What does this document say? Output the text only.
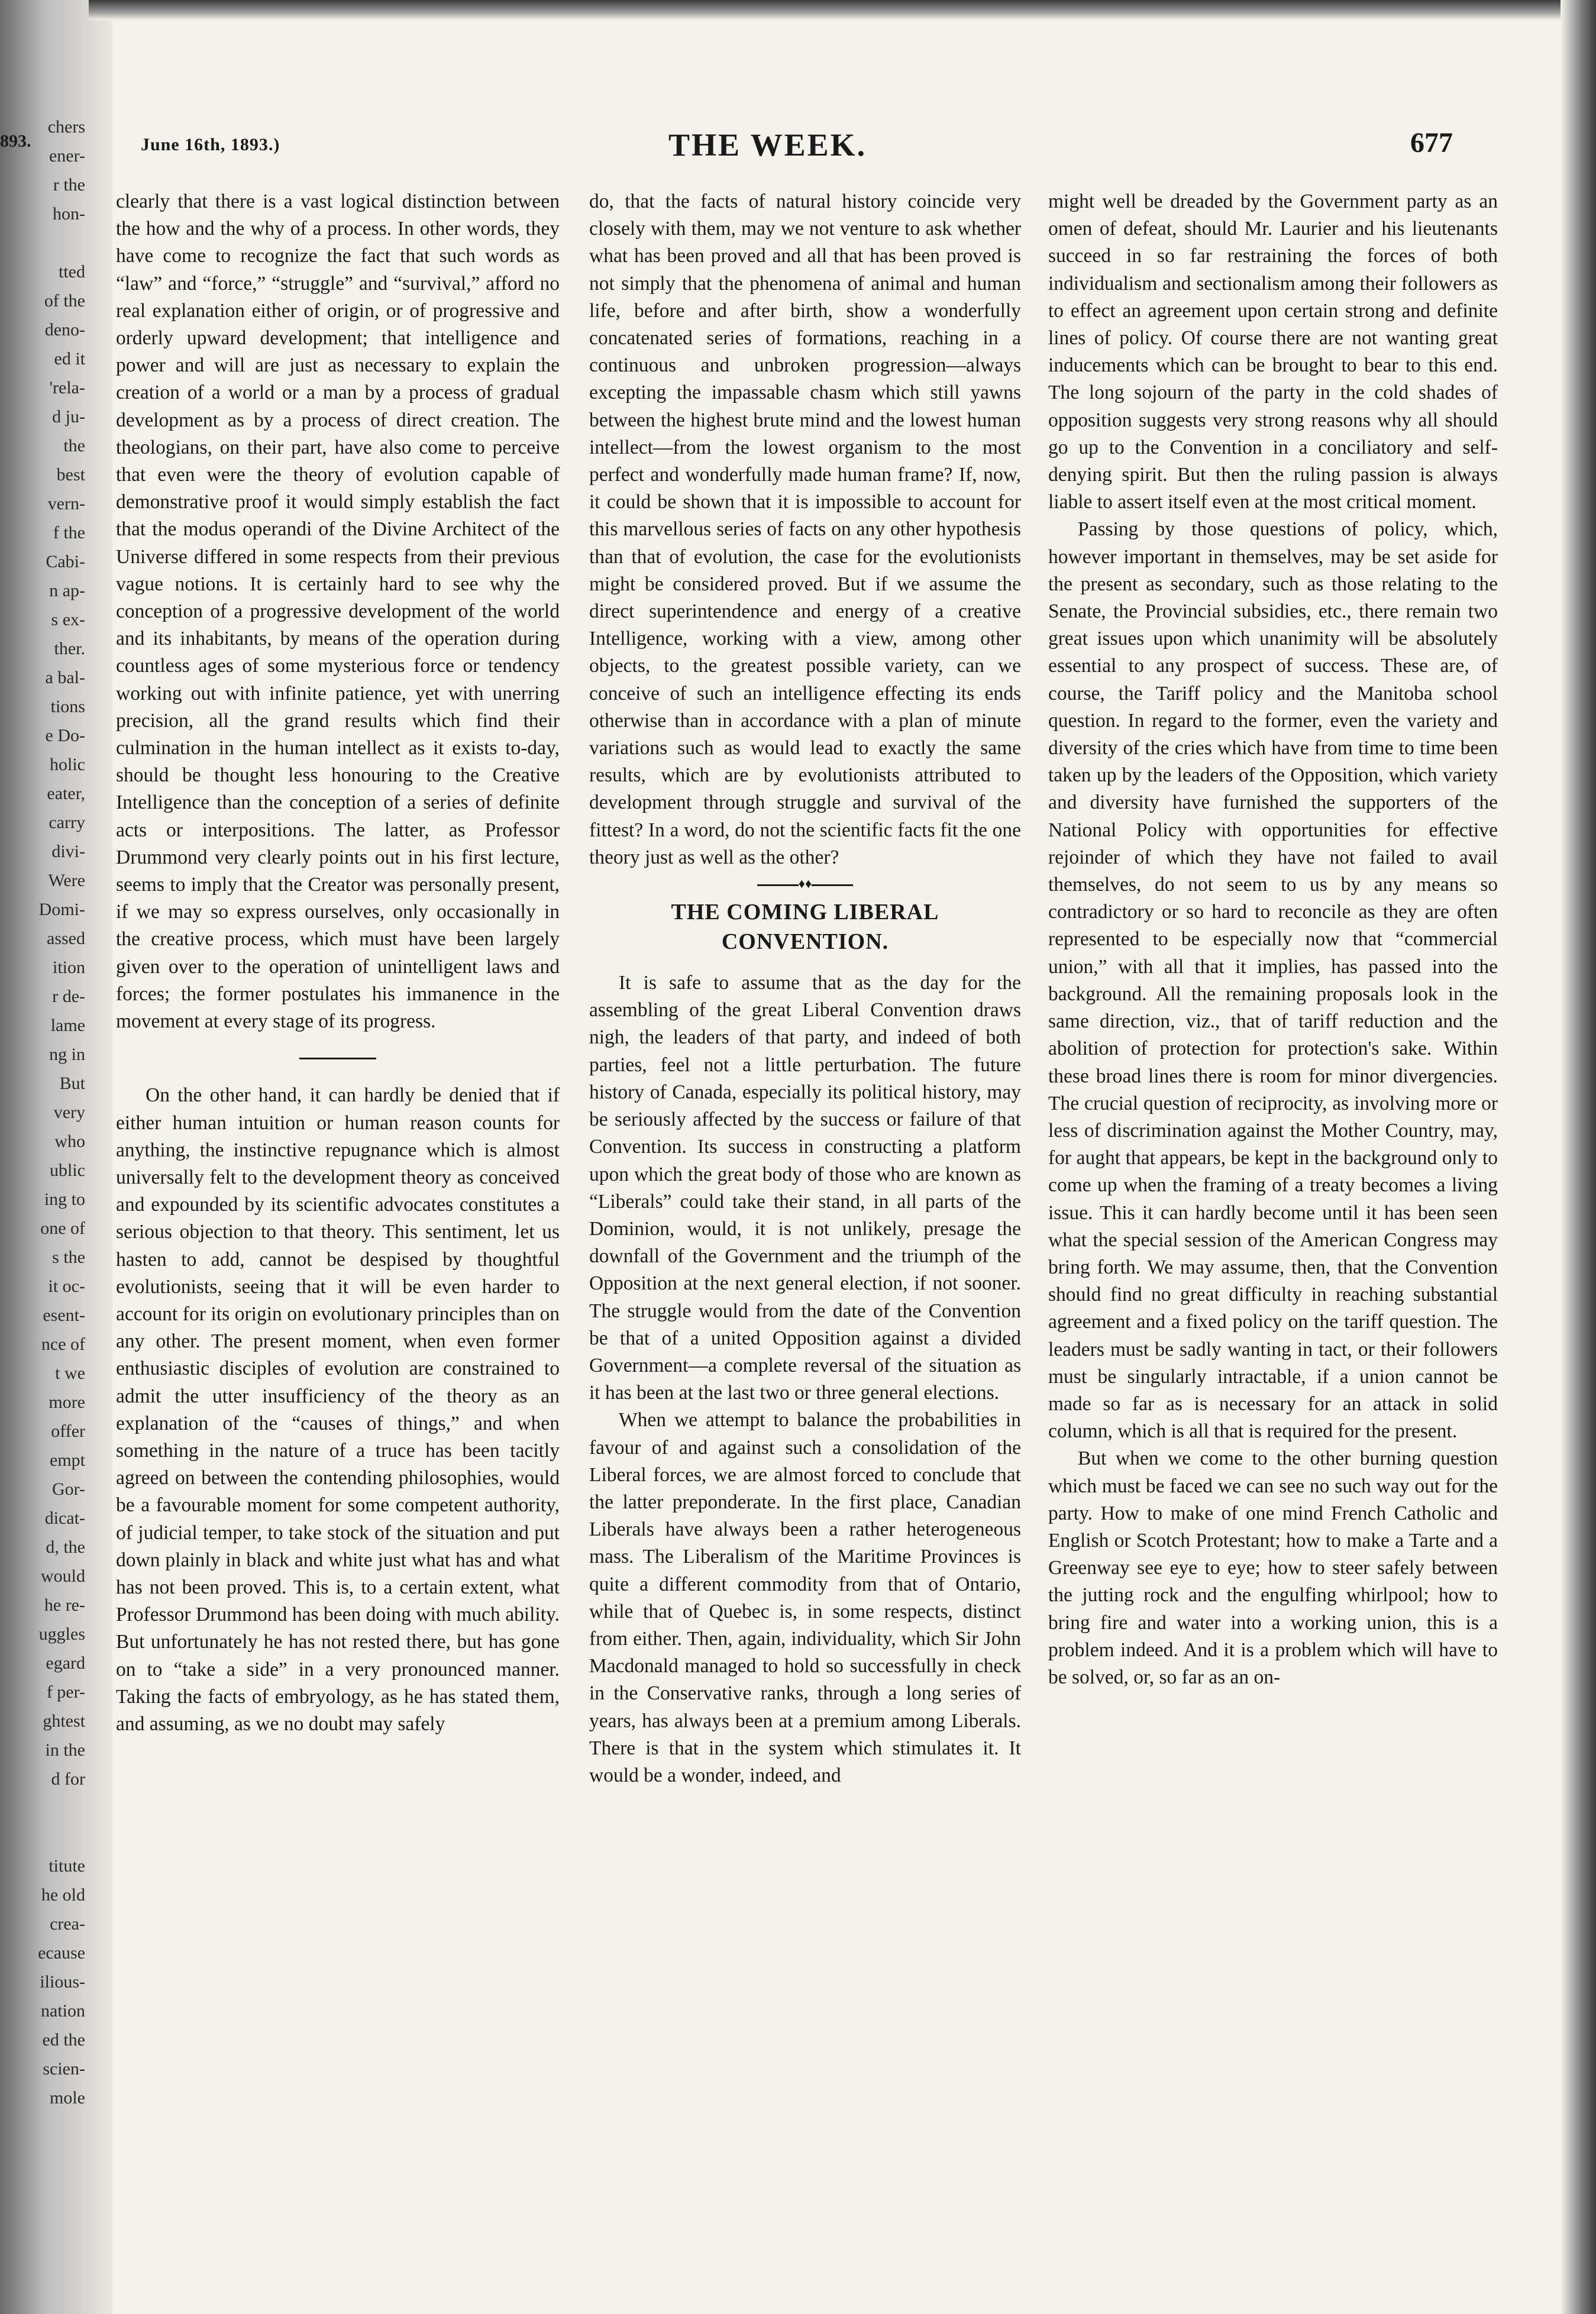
893.
chers
ener-
r the
hon-

tted
of the
deno-
ed it
'rela-
d ju-
the
best
vern-
f the
Cabi-
n ap-
s ex-
ther.
a bal-
tions
e Do-
holic
eater,
carry
divi-
Were
Domi-
assed
ition
r de-
lame
ng in
But
very
who
ublic
ing to
one of
s the
it oc-
esent-
nce of
t we
more
offer
empt
Gor-
dicat-
d, the
would
he re-
uggles
egard
f per-
ghtest
in the
d for

titute
he old
crea-
ecause
ilious-
nation
ed the
scien-
mole
June 16th, 1893.)	THE WEEK.	677

clearly that there is a vast logical distinction between the how and the why of a process. In other words, they have come to recognize the fact that such words as “law” and “force,” “struggle” and “survival,” afford no real explanation either of origin, or of progressive and orderly upward development; that intelligence and power and will are just as necessary to explain the creation of a world or a man by a process of gradual development as by a process of direct creation. The theologians, on their part, have also come to perceive that even were the theory of evolution capable of demonstrative proof it would simply establish the fact that the modus operandi of the Divine Architect of the Universe differed in some respects from their previous vague notions. It is certainly hard to see why the conception of a progressive development of the world and its inhabitants, by means of the operation during countless ages of some mysterious force or tendency working out with infinite patience, yet with unerring precision, all the grand results which find their culmination in the human intellect as it exists to-day, should be thought less honouring to the Creative Intelligence than the conception of a series of definite acts or interpositions. The latter, as Professor Drummond very clearly points out in his first lecture, seems to imply that the Creator was personally present, if we may so express ourselves, only occasionally in the creative process, which must have been largely given over to the operation of unintelligent laws and forces; the former postulates his immanence in the movement at every stage of its progress.

On the other hand, it can hardly be denied that if either human intuition or human reason counts for anything, the instinctive repugnance which is almost universally felt to the development theory as conceived and expounded by its scientific advocates constitutes a serious objection to that theory. This sentiment, let us hasten to add, cannot be despised by thoughtful evolutionists, seeing that it will be even harder to account for its origin on evolutionary principles than on any other. The present moment, when even former enthusiastic disciples of evolution are constrained to admit the utter insufficiency of the theory as an explanation of the “causes of things,” and when something in the nature of a truce has been tacitly agreed on between the contending philosophies, would be a favourable moment for some competent authority, of judicial temper, to take stock of the situation and put down plainly in black and white just what has and what has not been proved. This is, to a certain extent, what Professor Drummond has been doing with much ability. But unfortunately he has not rested there, but has gone on to “take a side” in a very pronounced manner. Taking the facts of embryology, as he has stated them, and assuming, as we no doubt may safely

do, that the facts of natural history coincide very closely with them, may we not venture to ask whether what has been proved and all that has been proved is not simply that the phenomena of animal and human life, before and after birth, show a wonderfully concatenated series of formations, reaching in a continuous and unbroken progression—always excepting the impassable chasm which still yawns between the highest brute mind and the lowest human intellect—from the lowest organism to the most perfect and wonderfully made human frame? If, now, it could be shown that it is impossible to account for this marvellous series of facts on any other hypothesis than that of evolution, the case for the evolutionists might be considered proved. But if we assume the direct superintendence and energy of a creative Intelligence, working with a view, among other objects, to the greatest possible variety, can we conceive of such an intelligence effecting its ends otherwise than in accordance with a plan of minute variations such as would lead to exactly the same results, which are by evolutionists attributed to development through struggle and survival of the fittest? In a word, do not the scientific facts fit the one theory just as well as the other?

♦♦
THE COMING LIBERAL CONVENTION.

It is safe to assume that as the day for the assembling of the great Liberal Convention draws nigh, the leaders of that party, and indeed of both parties, feel not a little perturbation. The future history of Canada, especially its political history, may be seriously affected by the success or failure of that Convention. Its success in constructing a platform upon which the great body of those who are known as “Liberals” could take their stand, in all parts of the Dominion, would, it is not unlikely, presage the downfall of the Government and the triumph of the Opposition at the next general election, if not sooner. The struggle would from the date of the Convention be that of a united Opposition against a divided Government—a complete reversal of the situation as it has been at the last two or three general elections.

When we attempt to balance the probabilities in favour of and against such a consolidation of the Liberal forces, we are almost forced to conclude that the latter preponderate. In the first place, Canadian Liberals have always been a rather heterogeneous mass. The Liberalism of the Maritime Provinces is quite a different commodity from that of Ontario, while that of Quebec is, in some respects, distinct from either. Then, again, individuality, which Sir John Macdonald managed to hold so successfully in check in the Conservative ranks, through a long series of years, has always been at a premium among Liberals. There is that in the system which stimulates it. It would be a wonder, indeed, and

might well be dreaded by the Government party as an omen of defeat, should Mr. Laurier and his lieutenants succeed in so far restraining the forces of both individualism and sectionalism among their followers as to effect an agreement upon certain strong and definite lines of policy. Of course there are not wanting great inducements which can be brought to bear to this end. The long sojourn of the party in the cold shades of opposition suggests very strong reasons why all should go up to the Convention in a conciliatory and self-denying spirit. But then the ruling passion is always liable to assert itself even at the most critical moment.

Passing by those questions of policy, which, however important in themselves, may be set aside for the present as secondary, such as those relating to the Senate, the Provincial subsidies, etc., there remain two great issues upon which unanimity will be absolutely essential to any prospect of success. These are, of course, the Tariff policy and the Manitoba school question. In regard to the former, even the variety and diversity of the cries which have from time to time been taken up by the leaders of the Opposition, which variety and diversity have furnished the supporters of the National Policy with opportunities for effective rejoinder of which they have not failed to avail themselves, do not seem to us by any means so contradictory or so hard to reconcile as they are often represented to be especially now that “commercial union,” with all that it implies, has passed into the background. All the remaining proposals look in the same direction, viz., that of tariff reduction and the abolition of protection for protection's sake. Within these broad lines there is room for minor divergencies. The crucial question of reciprocity, as involving more or less of discrimination against the Mother Country, may, for aught that appears, be kept in the background only to come up when the framing of a treaty becomes a living issue. This it can hardly become until it has been seen what the special session of the American Congress may bring forth. We may assume, then, that the Convention should find no great difficulty in reaching substantial agreement and a fixed policy on the tariff question. The leaders must be sadly wanting in tact, or their followers must be singularly intractable, if a union cannot be made so far as is necessary for an attack in solid column, which is all that is required for the present.

But when we come to the other burning question which must be faced we can see no such way out for the party. How to make of one mind French Catholic and English or Scotch Protestant; how to make a Tarte and a Greenway see eye to eye; how to steer safely between the jutting rock and the engulfing whirlpool; how to bring fire and water into a working union, this is a problem indeed. And it is a problem which will have to be solved, or, so far as an on-
